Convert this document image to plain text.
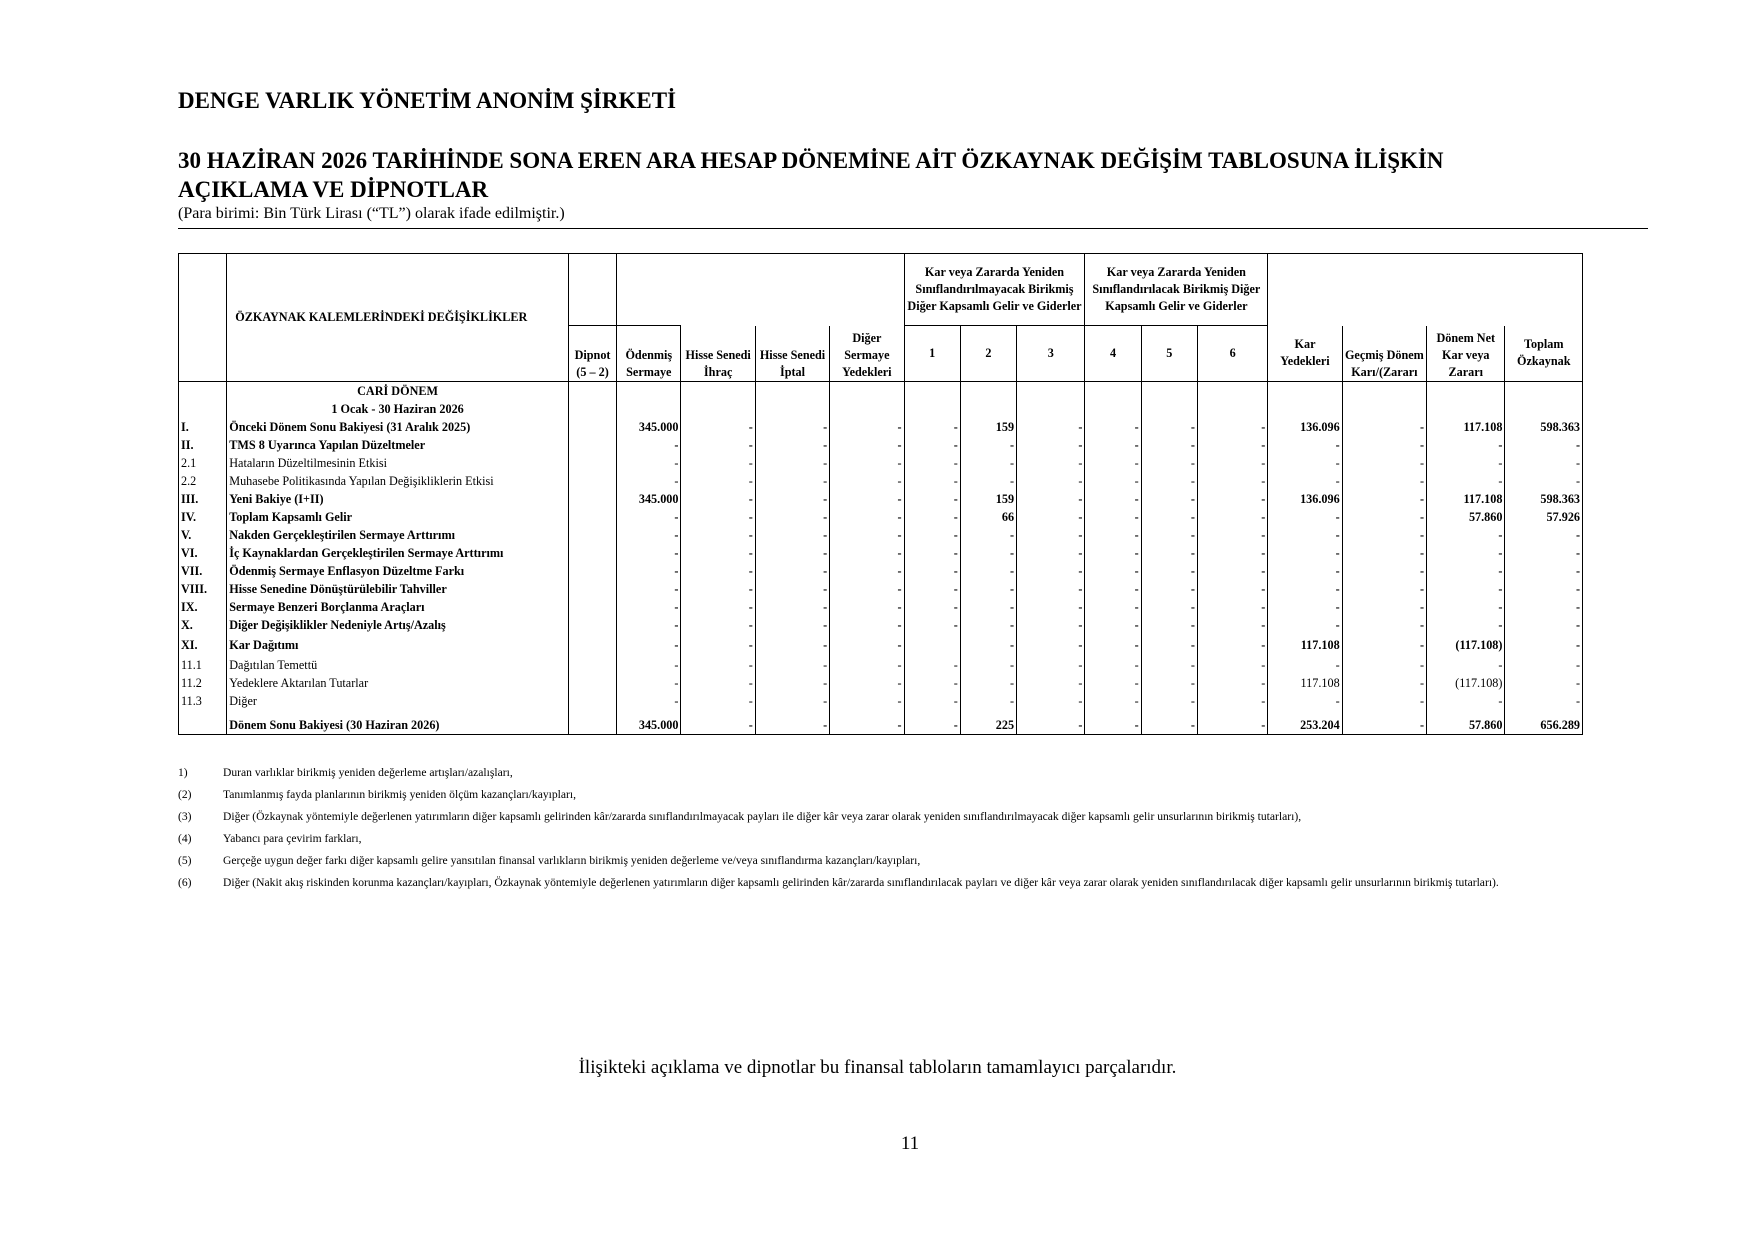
DENGE VARLIK YÖNETİM ANONİM ŞİRKETİ
30 HAZİRAN 2026 TARİHİNDE SONA EREN ARA HESAP DÖNEMİNE AİT ÖZKAYNAK DEĞİŞİM TABLOSUNA İLİŞKİN
AÇIKLAMA VE DİPNOTLAR
(Para birimi: Bin Türk Lirası (“TL”) olarak ifade edilmiştir.)
	ÖZKAYNAK KALEMLERİNDEKİ DEĞİŞİKLİKLER						Kar veya Zararda Yeniden Sınıflandırılmayacak Birikmiş Diğer Kapsamlı Gelir ve Giderler			Kar veya Zararda Yeniden Sınıflandırılacak Birikmiş Diğer Kapsamlı Gelir ve Giderler						
		Dipnot (5 – 2)	Ödenmiş Sermaye	Hisse Senedi İhraç	Hisse Senedi İptal	Diğer Sermaye Yedekleri	1	2	3	4	5	6	Kar Yedekleri	Geçmiş Dönem Karı/(Zararı	Dönem Net Kar veya Zararı	Toplam Özkaynak
	CARİ DÖNEM															
	1 Ocak - 30 Haziran 2026															
I.	Önceki Dönem Sonu Bakiyesi (31 Aralık 2025)		345.000	-	-	-	-	159	-	-	-	-	136.096	-	117.108	598.363
II.	TMS 8 Uyarınca Yapılan Düzeltmeler		-	-	-	-	-	-	-	-	-	-	-	-	-	-
2.1	Hataların Düzeltilmesinin Etkisi		-	-	-	-	-	-	-	-	-	-	-	-	-	-
2.2	Muhasebe Politikasında Yapılan Değişikliklerin Etkisi		-	-	-	-	-	-	-	-	-	-	-	-	-	-
III.	Yeni Bakiye (I+II)		345.000	-	-	-	-	159	-	-	-	-	136.096	-	117.108	598.363
IV.	Toplam Kapsamlı Gelir		-	-	-	-	-	66	-	-	-	-	-	-	57.860	57.926
V.	Nakden Gerçekleştirilen Sermaye Arttırımı		-	-	-	-	-	-	-	-	-	-	-	-	-	-
VI.	İç Kaynaklardan Gerçekleştirilen Sermaye Arttırımı		-	-	-	-	-	-	-	-	-	-	-	-	-	-
VII.	Ödenmiş Sermaye Enflasyon Düzeltme Farkı		-	-	-	-	-	-	-	-	-	-	-	-	-	-
VIII.	Hisse Senedine Dönüştürülebilir Tahviller		-	-	-	-	-	-	-	-	-	-	-	-	-	-
IX.	Sermaye Benzeri Borçlanma Araçları		-	-	-	-	-	-	-	-	-	-	-	-	-	-
X.	Diğer Değişiklikler Nedeniyle Artış/Azalış		-	-	-	-	-	-	-	-	-	-	-	-	-	-
XI.	Kar Dağıtımı		-	-	-	-		-	-	-	-	-	117.108	-	(117.108)	-
11.1	Dağıtılan Temettü		-	-	-	-	-	-	-	-	-	-	-	-	-	-
11.2	Yedeklere Aktarılan Tutarlar		-	-	-	-	-	-	-	-	-	-	117.108	-	(117.108)	-
11.3	Diğer		-	-	-	-	-	-	-	-	-	-	-	-	-	-

	Dönem Sonu Bakiyesi (30 Haziran 2026)		345.000	-	-	-	-	225	-	-	-	-	253.204	-	57.860	656.289
1)	Duran varlıklar birikmiş yeniden değerleme artışları/azalışları,
(2)	Tanımlanmış fayda planlarının birikmiş yeniden ölçüm kazançları/kayıpları,
(3)	Diğer (Özkaynak yöntemiyle değerlenen yatırımların diğer kapsamlı gelirinden kâr/zararda sınıflandırılmayacak payları ile diğer kâr veya zarar olarak yeniden sınıflandırılmayacak diğer kapsamlı gelir unsurlarının birikmiş tutarları),
(4)	Yabancı para çevirim farkları,
(5)	Gerçeğe uygun değer farkı diğer kapsamlı gelire yansıtılan finansal varlıkların birikmiş yeniden değerleme ve/veya sınıflandırma kazançları/kayıpları,
(6)	Diğer (Nakit akış riskinden korunma kazançları/kayıpları, Özkaynak yöntemiyle değerlenen yatırımların diğer kapsamlı gelirinden kâr/zararda sınıflandırılacak payları ve diğer kâr veya zarar olarak yeniden sınıflandırılacak diğer kapsamlı gelir unsurlarının birikmiş tutarları).
İlişikteki açıklama ve dipnotlar bu finansal tabloların tamamlayıcı parçalarıdır.
11
